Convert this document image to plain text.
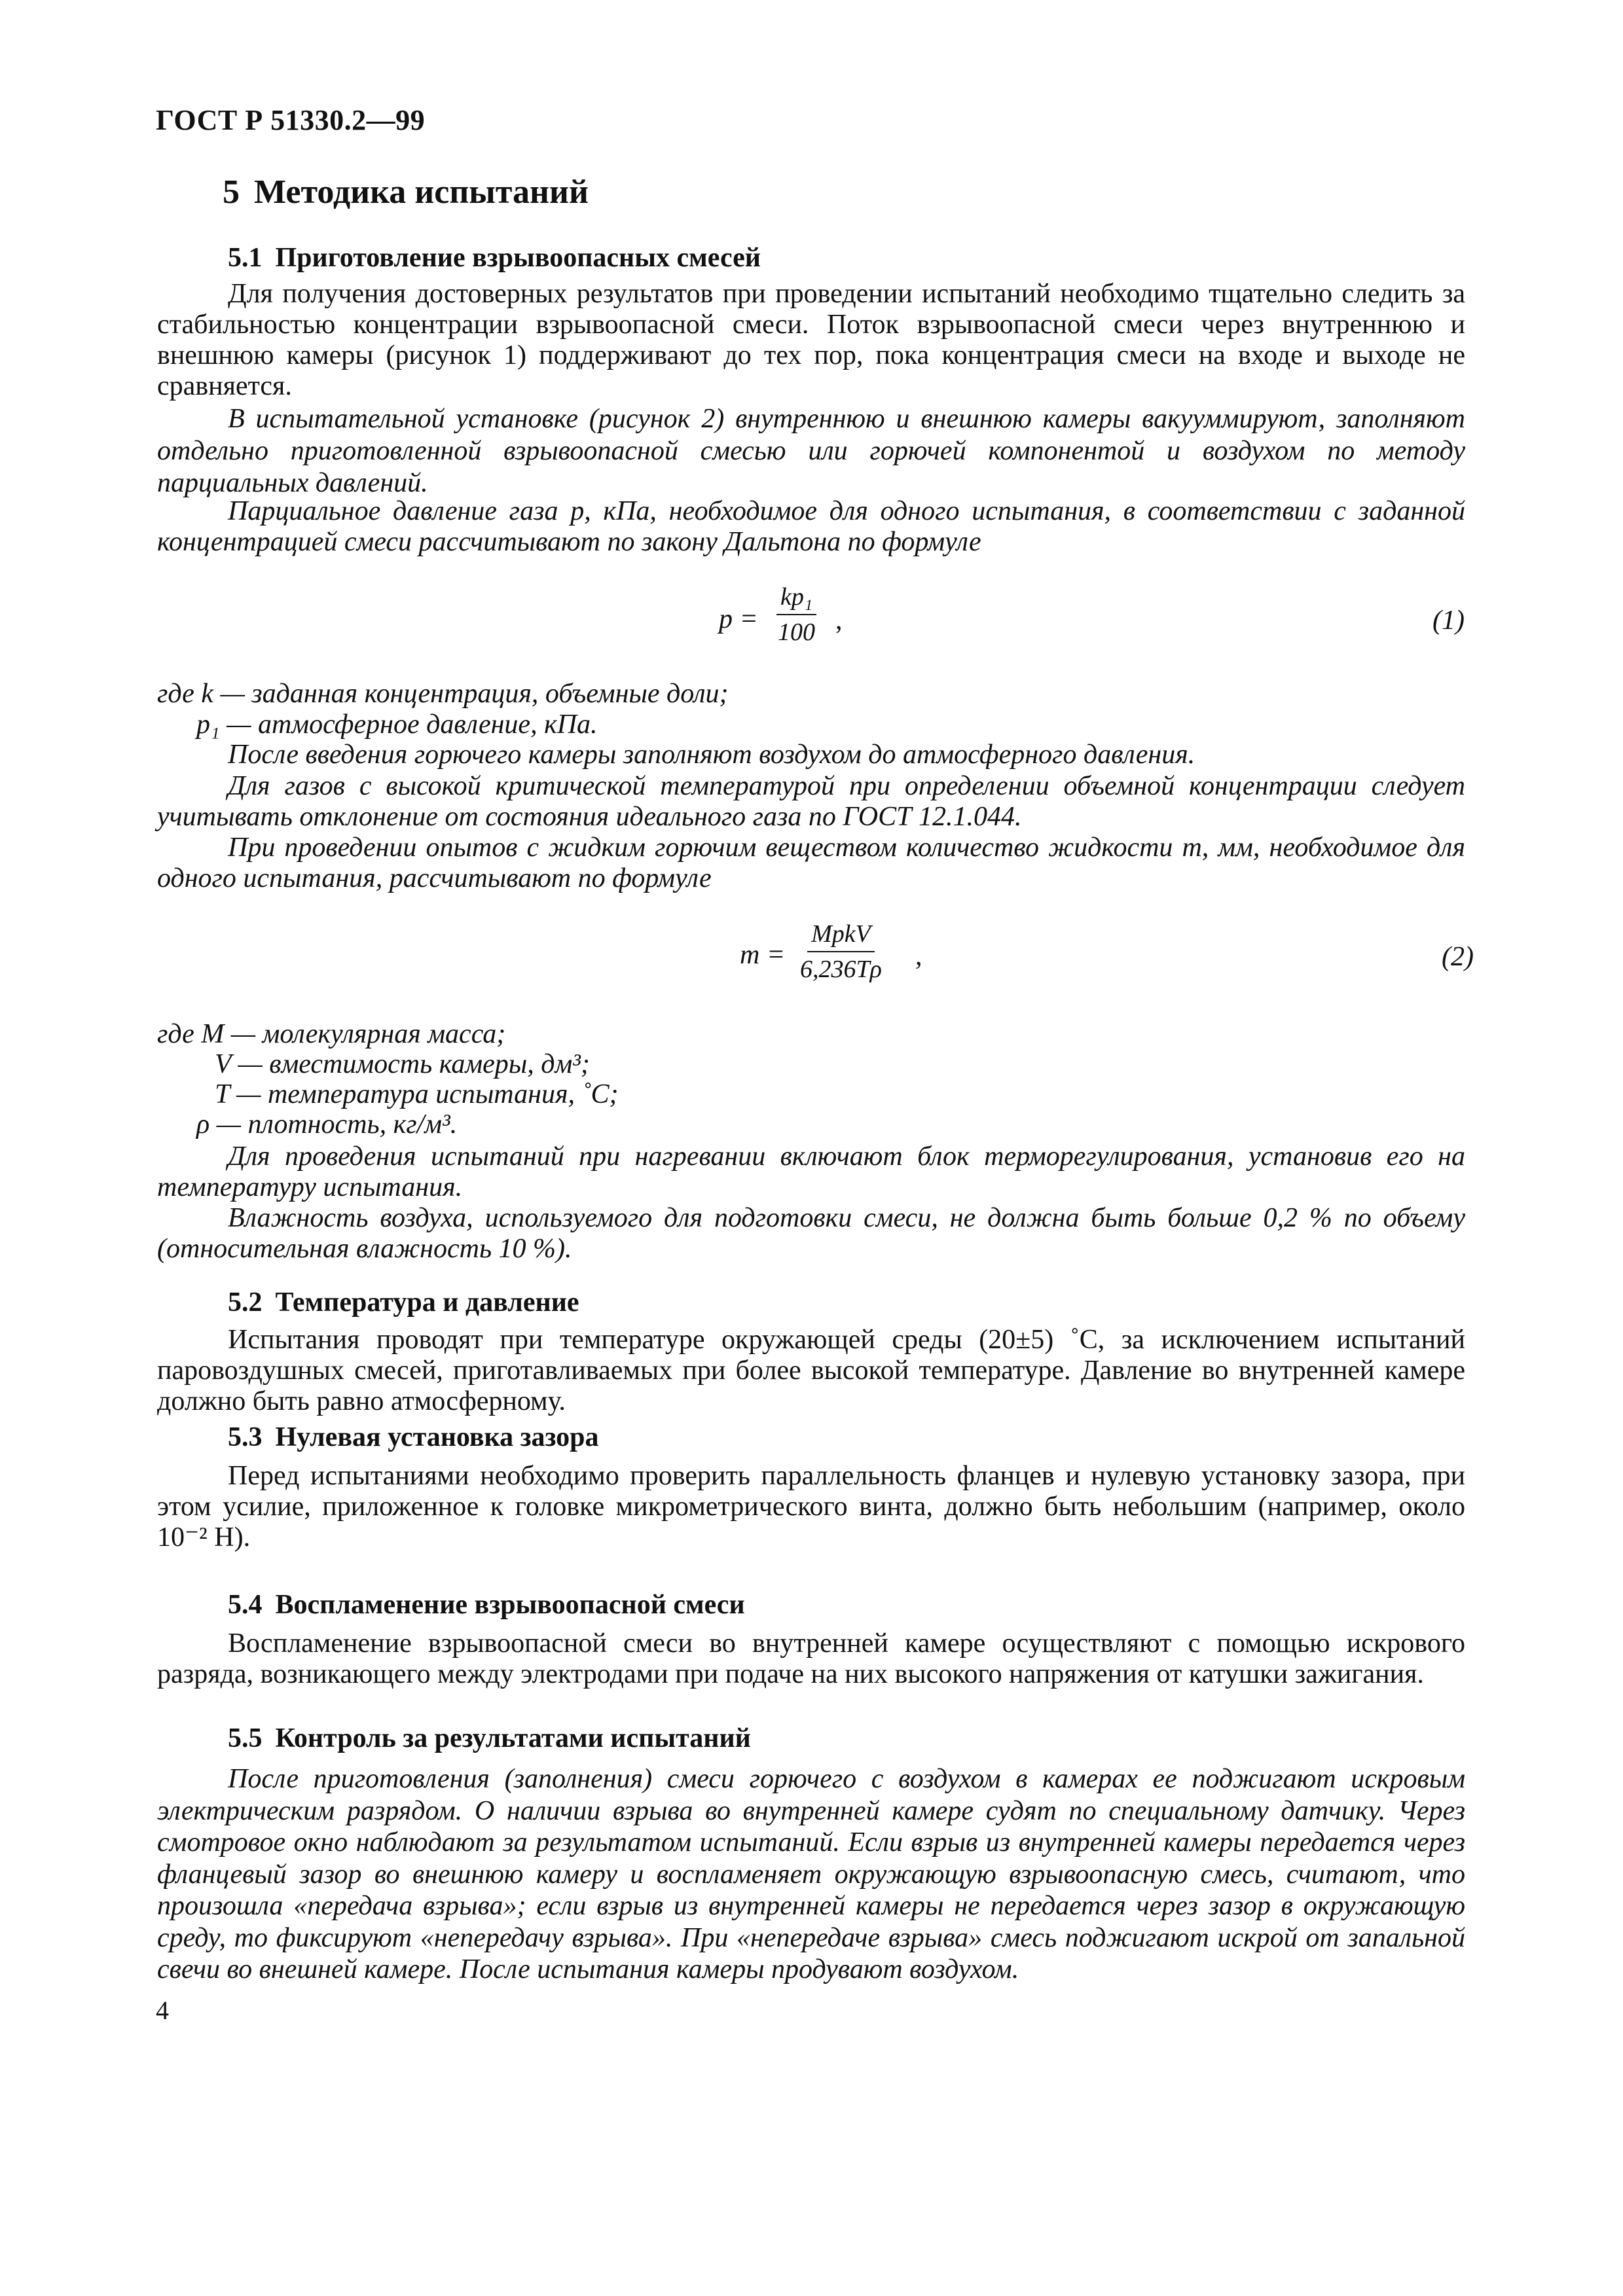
ГОСТ Р 51330.2—99
5 Методика испытаний
5.1 Приготовление взрывоопасных смесей
Для получения достоверных результатов при проведении испытаний необходимо тщательно следить за стабильностью концентрации взрывоопасной смеси. Поток взрывоопасной смеси через внутреннюю и внешнюю камеры (рисунок 1) поддерживают до тех пор, пока концентрация смеси на входе и выходе не сравняется.
В испытательной установке (рисунок 2) внутреннюю и внешнюю камеры вакууммируют, заполняют отдельно приготовленной взрывоопасной смесью или горючей компонентой и воздухом по методу парциальных давлений.
Парциальное давление газа p, кПа, необходимое для одного испытания, в соответствии с заданной концентрацией смеси рассчитывают по закону Дальтона по формуле
$p = \frac{\text{kp₁}}{100}$ ,	(1)
где k — заданная концентрация, объемные доли;
p₁ — атмосферное давление, кПа.
После введения горючего камеры заполняют воздухом до атмосферного давления.
Для газов с высокой критической температурой при определении объемной концентрации следует учитывать отклонение от состояния идеального газа по ГОСТ 12.1.044.
При проведении опытов с жидким горючим веществом количество жидкости m, мм, необходимое для одного испытания, рассчитывают по формуле
m =
MpkV
6,236Tρ ,	(2)
где M — молекулярная масса;
V — вместимость камеры, дм³;
T — температура испытания, ˚C;
ρ — плотность, кг/м³.
Для проведения испытаний при нагревании включают блок терморегулирования, установив его на температуру испытания.
Влажность воздуха, используемого для подготовки смеси, не должна быть больше 0,2 % по объему (относительная влажность 10 %).
5.2 Температура и давление
Испытания проводят при температуре окружающей среды (20±5) ˚C, за исключением испытаний паровоздушных смесей, приготавливаемых при более высокой температуре. Давление во внутренней камере должно быть равно атмосферному.
5.3 Нулевая установка зазора
Перед испытаниями необходимо проверить параллельность фланцев и нулевую установку зазора, при этом усилие, приложенное к головке микрометрического винта, должно быть небольшим (например, около 10⁻² Н).
5.4 Воспламенение взрывоопасной смеси
Воспламенение взрывоопасной смеси во внутренней камере осуществляют с помощью искрового разряда, возникающего между электродами при подаче на них высокого напряжения от катушки зажигания.
5.5 Контроль за результатами испытаний
После приготовления (заполнения) смеси горючего с воздухом в камерах ее поджигают искровым электрическим разрядом. О наличии взрыва во внутренней камере судят по специальному датчику. Через смотровое окно наблюдают за результатом испытаний. Если взрыв из внутренней камеры передается через фланцевый зазор во внешнюю камеру и воспламеняет окружающую взрывоопасную смесь, считают, что произошла «передача взрыва»; если взрыв из внутренней камеры не передается через зазор в окружающую среду, то фиксируют «непередачу взрыва». При «непередаче взрыва» смесь поджигают искрой от запальной свечи во внешней камере. После испытания камеры продувают воздухом.
4
